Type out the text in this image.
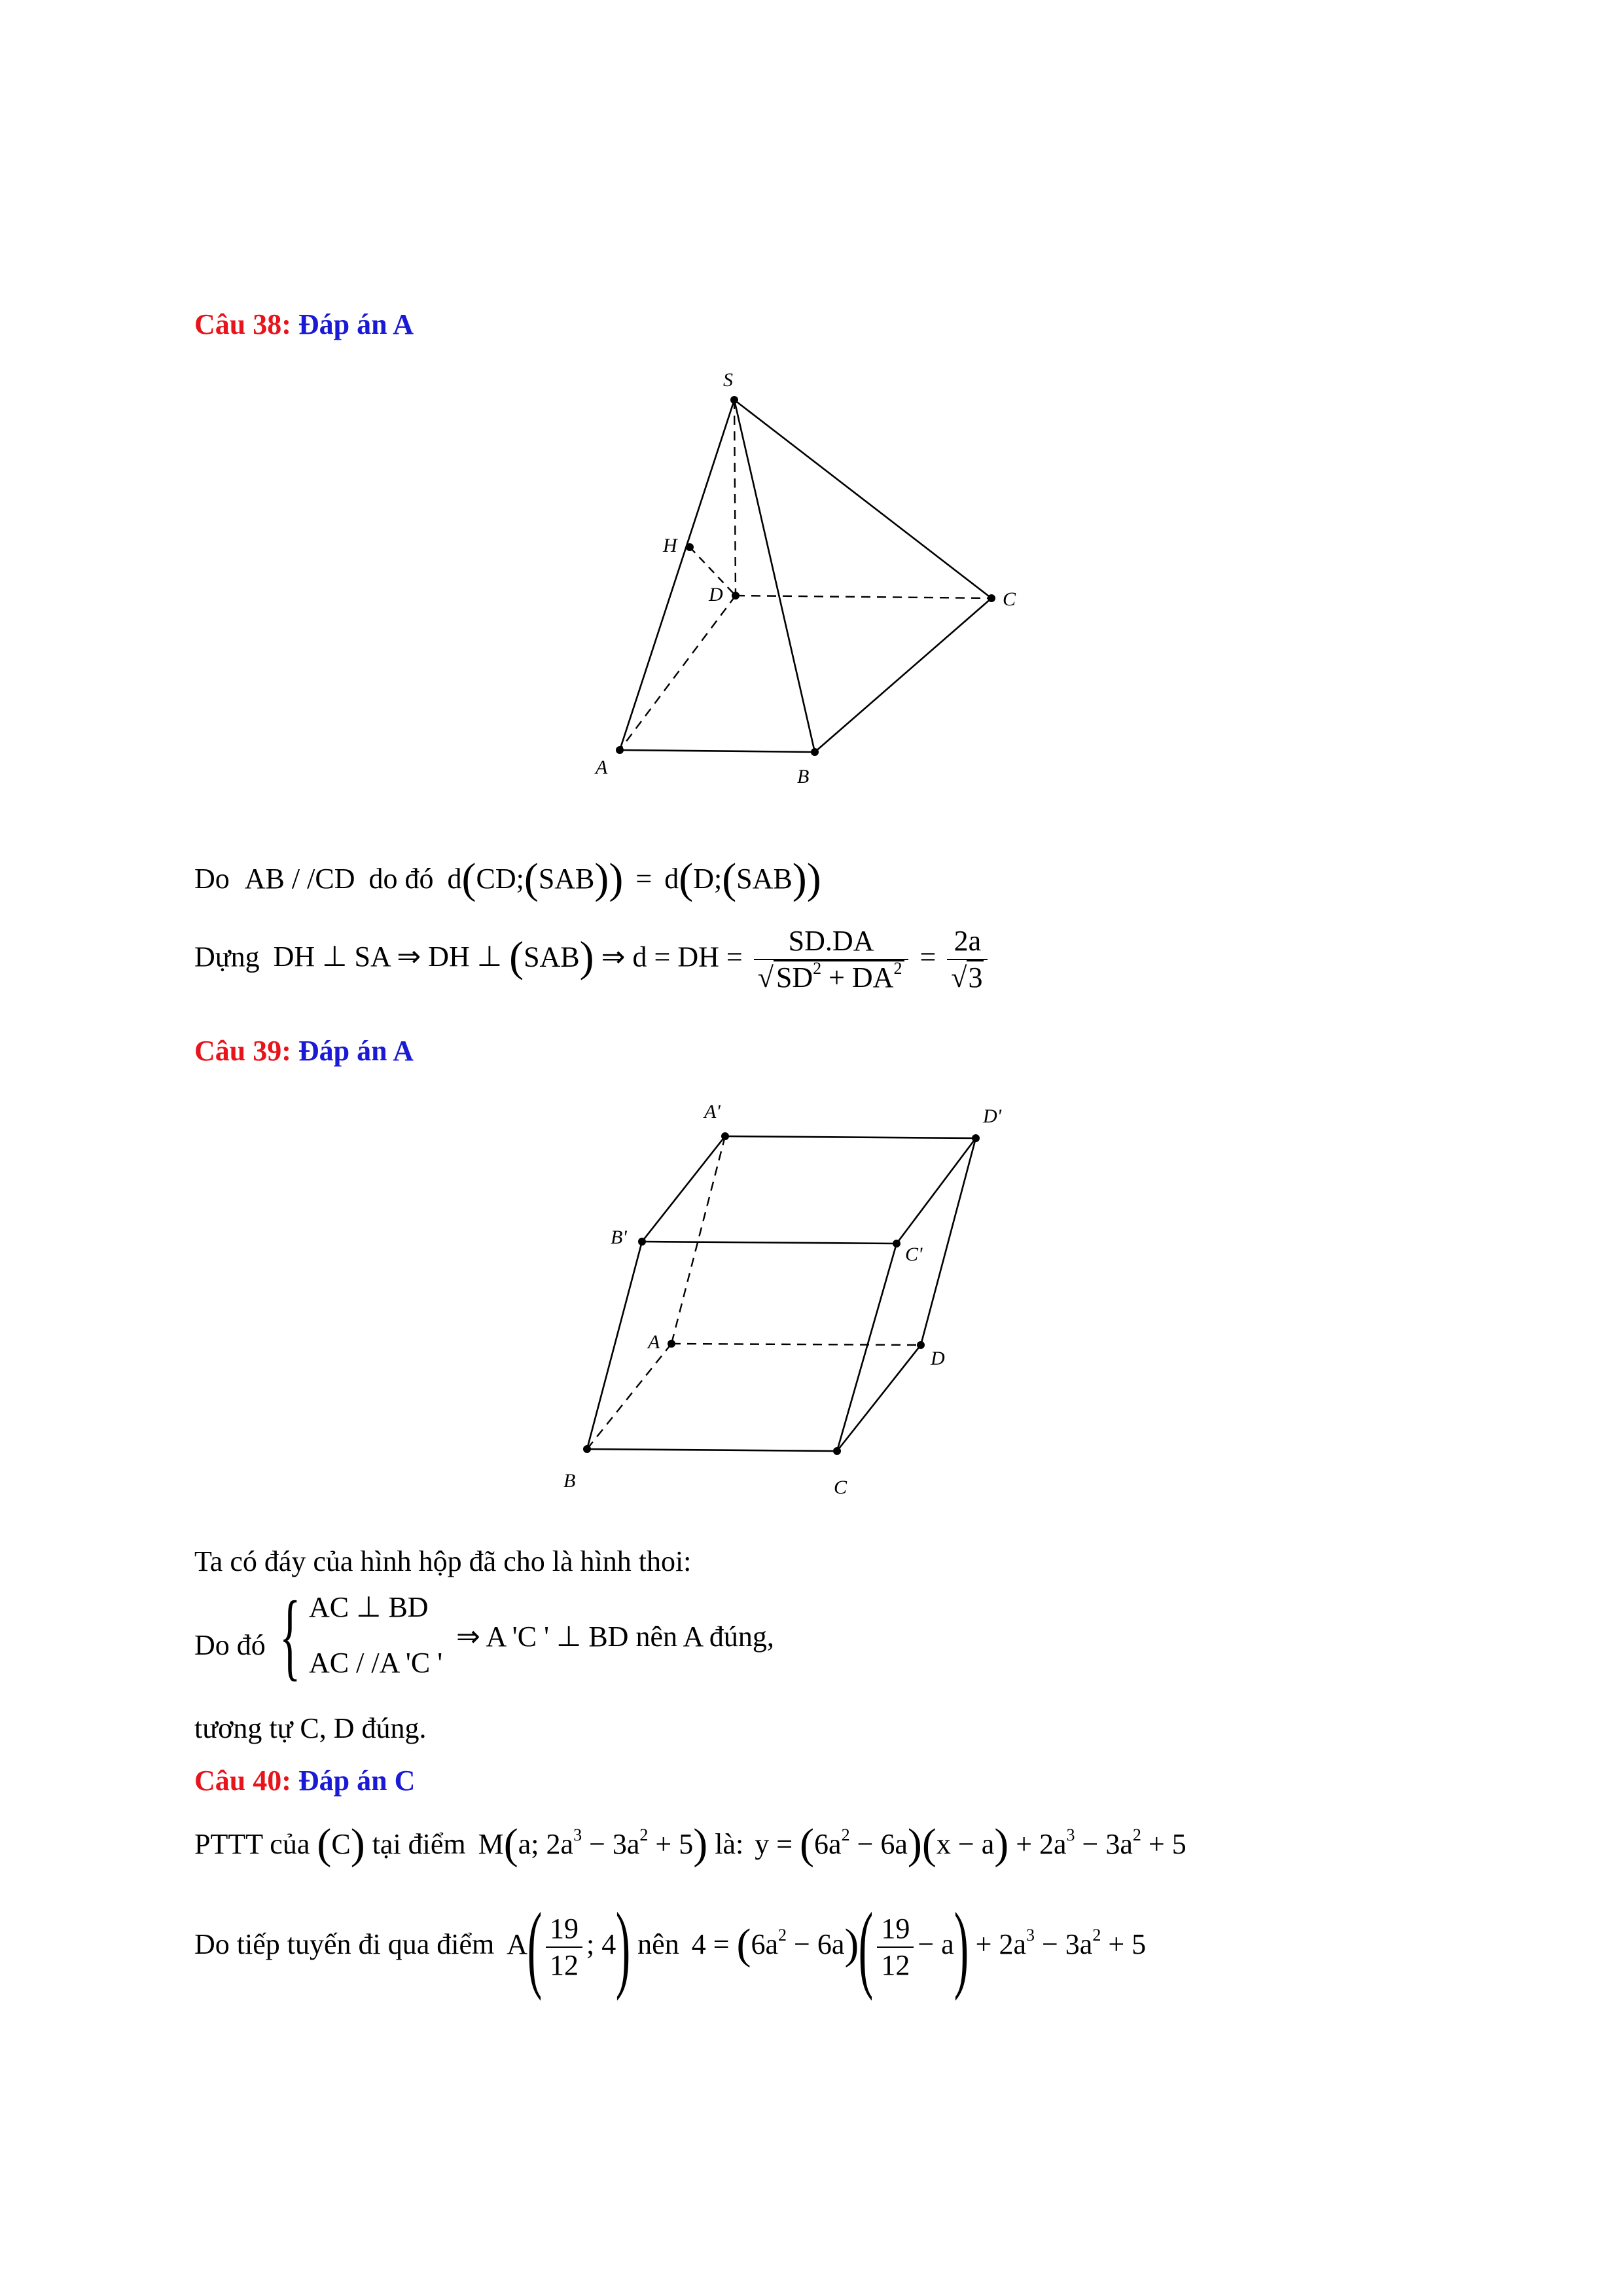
Câu 38: Đáp án A
S
H
D	C
A	B
Do AB / /CD do đó d(CD;(SAB)) = d(D;(SAB))
Dựng DH ⊥ SA ⇒ DH ⊥ (SAB) ⇒ d = DH = $\frac{SD.DA}{√SD^2 + DA^2} = \frac{2a}{√3}$
Câu 39: Đáp án A
A'	D'
B'
C'
A
D
B	C
Ta có đáy của hình hộp đã cho là hình thoi:
Do đó { AC ⊥ BD
AC / /A 'C '
⇒ A 'C ' ⊥ BD nên A đúng,
tương tự C, D đúng.
Câu 40: Đáp án C
PTTT của (C) tại điểm M(a; $2a^3 - 3a^2 + 5$) là: $y = (6a^2 - 6a)(x - a) + 2a^3 - 3a^2 + 5$
Do tiếp tuyến đi qua điểm $A( \frac{19}{12}$ ; 4) nên $4 = (6a^2 - 6a)( \frac{19}{12} - a) + 2a^3 - 3a^2 + 5$
